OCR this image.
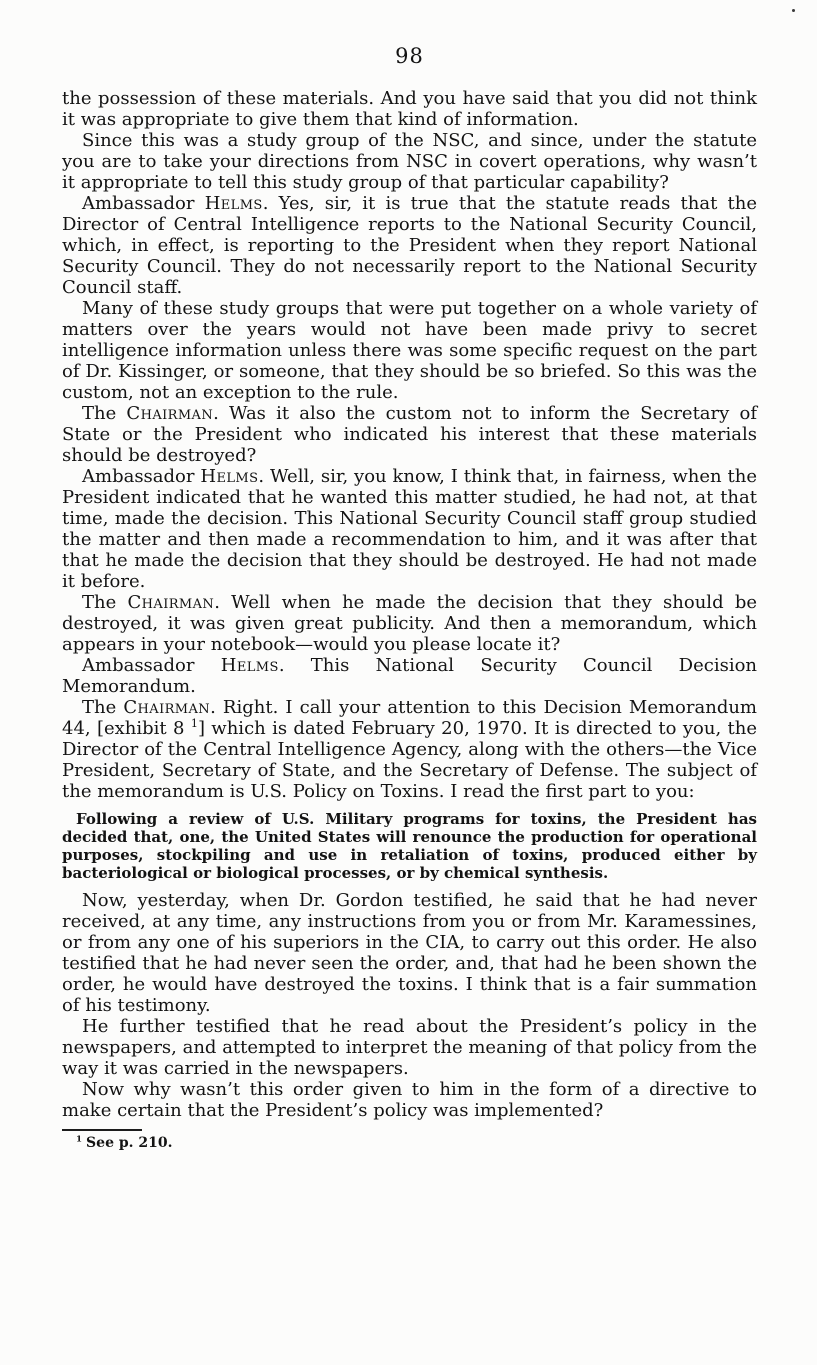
98

the possession of these materials. And you have said that you did not think it was appropriate to give them that kind of information.

Since this was a study group of the NSC, and since, under the statute you are to take your directions from NSC in covert operations, why wasn’t it appropriate to tell this study group of that particular capability?

Ambassador Helms. Yes, sir, it is true that the statute reads that the Director of Central Intelligence reports to the National Security Council, which, in effect, is reporting to the President when they report National Security Council. They do not necessarily report to the National Security Council staff.

Many of these study groups that were put together on a whole variety of matters over the years would not have been made privy to secret intelligence information unless there was some specific request on the part of Dr. Kissinger, or someone, that they should be so briefed. So this was the custom, not an exception to the rule.

The Chairman. Was it also the custom not to inform the Secretary of State or the President who indicated his interest that these materials should be destroyed?

Ambassador Helms. Well, sir, you know, I think that, in fairness, when the President indicated that he wanted this matter studied, he had not, at that time, made the decision. This National Security Council staff group studied the matter and then made a recommendation to him, and it was after that that he made the decision that they should be destroyed. He had not made it before.

The Chairman. Well when he made the decision that they should be destroyed, it was given great publicity. And then a memorandum, which appears in your notebook—would you please locate it?

Ambassador Helms. This National Security Council Decision Memorandum.

The Chairman. Right. I call your attention to this Decision Memorandum 44, [exhibit 8 $^1$] which is dated February 20, 1970. It is directed to you, the Director of the Central Intelligence Agency, along with the others—the Vice President, Secretary of State, and the Secretary of Defense. The subject of the memorandum is U.S. Policy on Toxins. I read the first part to you:

Following a review of U.S. Military programs for toxins, the President has decided that, one, the United States will renounce the production for operational purposes, stockpiling and use in retaliation of toxins, produced either by bacteriological or biological processes, or by chemical synthesis.

Now, yesterday, when Dr. Gordon testified, he said that he had never received, at any time, any instructions from you or from Mr. Karamessines, or from any one of his superiors in the CIA, to carry out this order. He also testified that he had never seen the order, and, that had he been shown the order, he would have destroyed the toxins. I think that is a fair summation of his testimony.

He further testified that he read about the President’s policy in the newspapers, and attempted to interpret the meaning of that policy from the way it was carried in the newspapers.

Now why wasn’t this order given to him in the form of a directive to make certain that the President’s policy was implemented?

$^1$ See p. 210.
